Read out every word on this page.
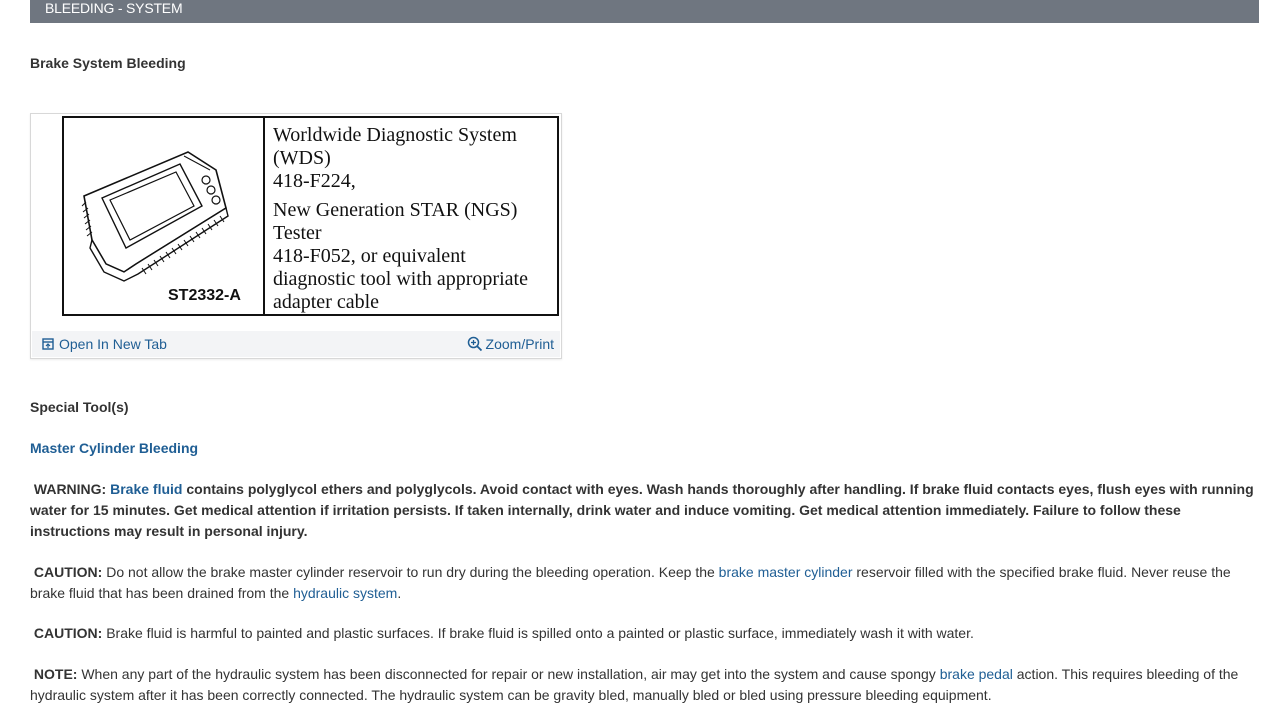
BLEEDING - SYSTEM
Brake System Bleeding
ST2332-A
Worldwide Diagnostic System
(WDS)
418-F224,
New Generation STAR (NGS)
Tester
418-F052, or equivalent
diagnostic tool with appropriate
adapter cable
Open In New Tab	Zoom/Print
Special Tool(s)
Master Cylinder Bleeding
WARNING: Brake fluid contains polyglycol ethers and polyglycols. Avoid contact with eyes. Wash hands thoroughly after handling. If brake fluid contacts eyes, flush eyes with running water for 15 minutes. Get medical attention if irritation persists. If taken internally, drink water and induce vomiting. Get medical attention immediately. Failure to follow these instructions may result in personal injury.
CAUTION: Do not allow the brake master cylinder reservoir to run dry during the bleeding operation. Keep the brake master cylinder reservoir filled with the specified brake fluid. Never reuse the brake fluid that has been drained from the hydraulic system.
CAUTION: Brake fluid is harmful to painted and plastic surfaces. If brake fluid is spilled onto a painted or plastic surface, immediately wash it with water.
NOTE: When any part of the hydraulic system has been disconnected for repair or new installation, air may get into the system and cause spongy brake pedal action. This requires bleeding of the hydraulic system after it has been correctly connected. The hydraulic system can be gravity bled, manually bled or bled using pressure bleeding equipment.
